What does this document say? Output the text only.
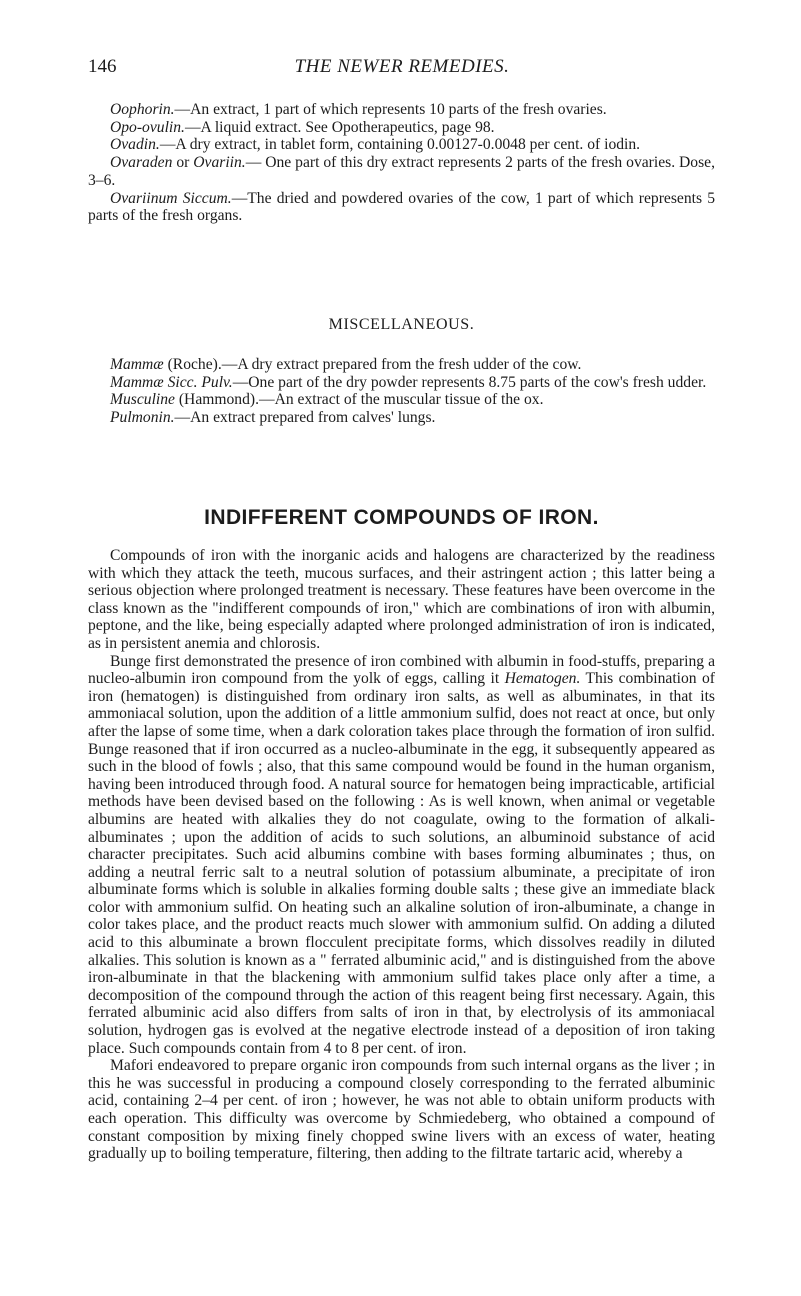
146	THE NEWER REMEDIES.

Oophorin.—An extract, 1 part of which represents 10 parts of the fresh ovaries.

Opo-ovulin.—A liquid extract. See Opotherapeutics, page 98.

Ovadin.—A dry extract, in tablet form, containing 0.00127-0.0048 per cent. of iodin.

Ovaraden or Ovariin.— One part of this dry extract represents 2 parts of the fresh ovaries. Dose, 3–6.

Ovariinum Siccum.—The dried and powdered ovaries of the cow, 1 part of which represents 5 parts of the fresh organs.

MISCELLANEOUS.

Mammæ (Roche).—A dry extract prepared from the fresh udder of the cow.

Mammæ Sicc. Pulv.—One part of the dry powder represents 8.75 parts of the cow's fresh udder.

Musculine (Hammond).—An extract of the muscular tissue of the ox.

Pulmonin.—An extract prepared from calves' lungs.

INDIFFERENT COMPOUNDS OF IRON.

Compounds of iron with the inorganic acids and halogens are characterized by the readiness with which they attack the teeth, mucous surfaces, and their astringent action ; this latter being a serious objection where prolonged treatment is necessary. These features have been overcome in the class known as the "indifferent compounds of iron," which are combinations of iron with albumin, peptone, and the like, being especially adapted where prolonged administration of iron is indicated, as in persistent anemia and chlorosis.

Bunge first demonstrated the presence of iron combined with albumin in food-stuffs, preparing a nucleo-albumin iron compound from the yolk of eggs, calling it Hematogen. This combination of iron (hematogen) is distinguished from ordinary iron salts, as well as albuminates, in that its ammoniacal solution, upon the addition of a little ammonium sulfid, does not react at once, but only after the lapse of some time, when a dark coloration takes place through the formation of iron sulfid. Bunge reasoned that if iron occurred as a nucleo-albuminate in the egg, it subsequently appeared as such in the blood of fowls ; also, that this same compound would be found in the human organism, having been introduced through food. A natural source for hematogen being impracticable, artificial methods have been devised based on the following : As is well known, when animal or vegetable albumins are heated with alkalies they do not coagulate, owing to the formation of alkali-albuminates ; upon the addition of acids to such solutions, an albuminoid substance of acid character precipitates. Such acid albumins combine with bases forming albuminates ; thus, on adding a neutral ferric salt to a neutral solution of potassium albuminate, a precipitate of iron albuminate forms which is soluble in alkalies forming double salts ; these give an immediate black color with ammonium sulfid. On heating such an alkaline solution of iron-albuminate, a change in color takes place, and the product reacts much slower with ammonium sulfid. On adding a diluted acid to this albuminate a brown flocculent precipitate forms, which dissolves readily in diluted alkalies. This solution is known as a " ferrated albuminic acid," and is distinguished from the above iron-albuminate in that the blackening with ammonium sulfid takes place only after a time, a decomposition of the compound through the action of this reagent being first necessary. Again, this ferrated albuminic acid also differs from salts of iron in that, by electrolysis of its ammoniacal solution, hydrogen gas is evolved at the negative electrode instead of a deposition of iron taking place. Such compounds contain from 4 to 8 per cent. of iron.

Mafori endeavored to prepare organic iron compounds from such internal organs as the liver ; in this he was successful in producing a compound closely corresponding to the ferrated albuminic acid, containing 2–4 per cent. of iron ; however, he was not able to obtain uniform products with each operation. This difficulty was overcome by Schmiedeberg, who obtained a compound of constant composition by mixing finely chopped swine livers with an excess of water, heating gradually up to boiling temperature, filtering, then adding to the filtrate tartaric acid, whereby a
